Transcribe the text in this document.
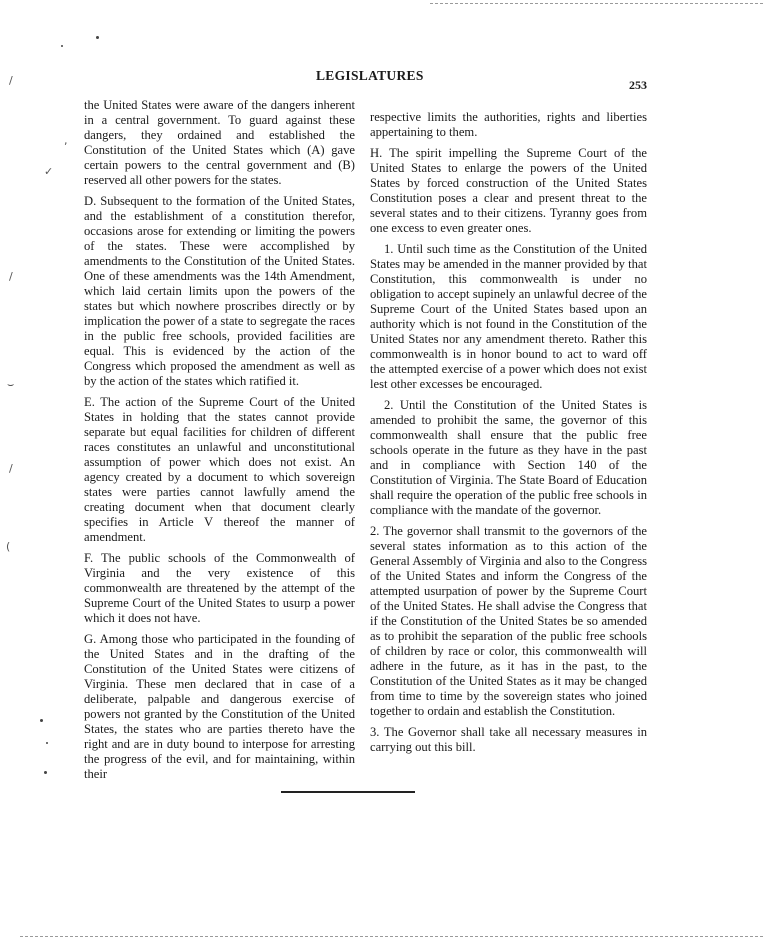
,
✓
/
/
⌣
/
(
LEGISLATURES
253

the United States were aware of the dangers inherent in a central government. To guard against these dangers, they ordained and established the Constitution of the United States which (A) gave certain powers to the central government and (B) reserved all other powers for the states.

D. Subsequent to the formation of the United States, and the establishment of a constitution therefor, occasions arose for extending or limiting the powers of the states. These were accomplished by amendments to the Constitution of the United States. One of these amendments was the 14th Amendment, which laid certain limits upon the powers of the states but which nowhere proscribes directly or by implication the power of a state to segregate the races in the public free schools, provided facilities are equal. This is evidenced by the action of the Congress which proposed the amendment as well as by the action of the states which ratified it.

E. The action of the Supreme Court of the United States in holding that the states cannot provide separate but equal facilities for children of different races constitutes an unlawful and unconstitutional assumption of power which does not exist. An agency created by a document to which sovereign states were parties cannot lawfully amend the creating document when that document clearly specifies in Article V thereof the manner of amendment.

F. The public schools of the Commonwealth of Virginia and the very existence of this commonwealth are threatened by the attempt of the Supreme Court of the United States to usurp a power which it does not have.

G. Among those who participated in the founding of the United States and in the drafting of the Constitution of the United States were citizens of Virginia. These men declared that in case of a deliberate, palpable and dangerous exercise of powers not granted by the Constitution of the United States, the states who are parties thereto have the right and are in duty bound to interpose for arresting the progress of the evil, and for maintaining, within their

respective limits the authorities, rights and liberties appertaining to them.

H. The spirit impelling the Supreme Court of the United States to enlarge the powers of the United States by forced construction of the United States Constitution poses a clear and present threat to the several states and to their citizens. Tyranny goes from one excess to even greater ones.

1. Until such time as the Constitution of the United States may be amended in the manner provided by that Constitution, this commonwealth is under no obligation to accept supinely an unlawful decree of the Supreme Court of the United States based upon an authority which is not found in the Constitution of the United States nor any amendment thereto. Rather this commonwealth is in honor bound to act to ward off the attempted exercise of a power which does not exist lest other excesses be encouraged.

2. Until the Constitution of the United States is amended to prohibit the same, the governor of this commonwealth shall ensure that the public free schools operate in the future as they have in the past and in compliance with Section 140 of the Constitution of Virginia. The State Board of Education shall require the operation of the public free schools in compliance with the mandate of the governor.

2. The governor shall transmit to the governors of the several states information as to this action of the General Assembly of Virginia and also to the Congress of the United States and inform the Congress of the attempted usurpation of power by the Supreme Court of the United States. He shall advise the Congress that if the Constitution of the United States be so amended as to prohibit the separation of the public free schools of children by race or color, this commonwealth will adhere in the future, as it has in the past, to the Constitution of the United States as it may be changed from time to time by the sovereign states who joined together to ordain and establish the Constitution.

3. The Governor shall take all necessary measures in carrying out this bill.
